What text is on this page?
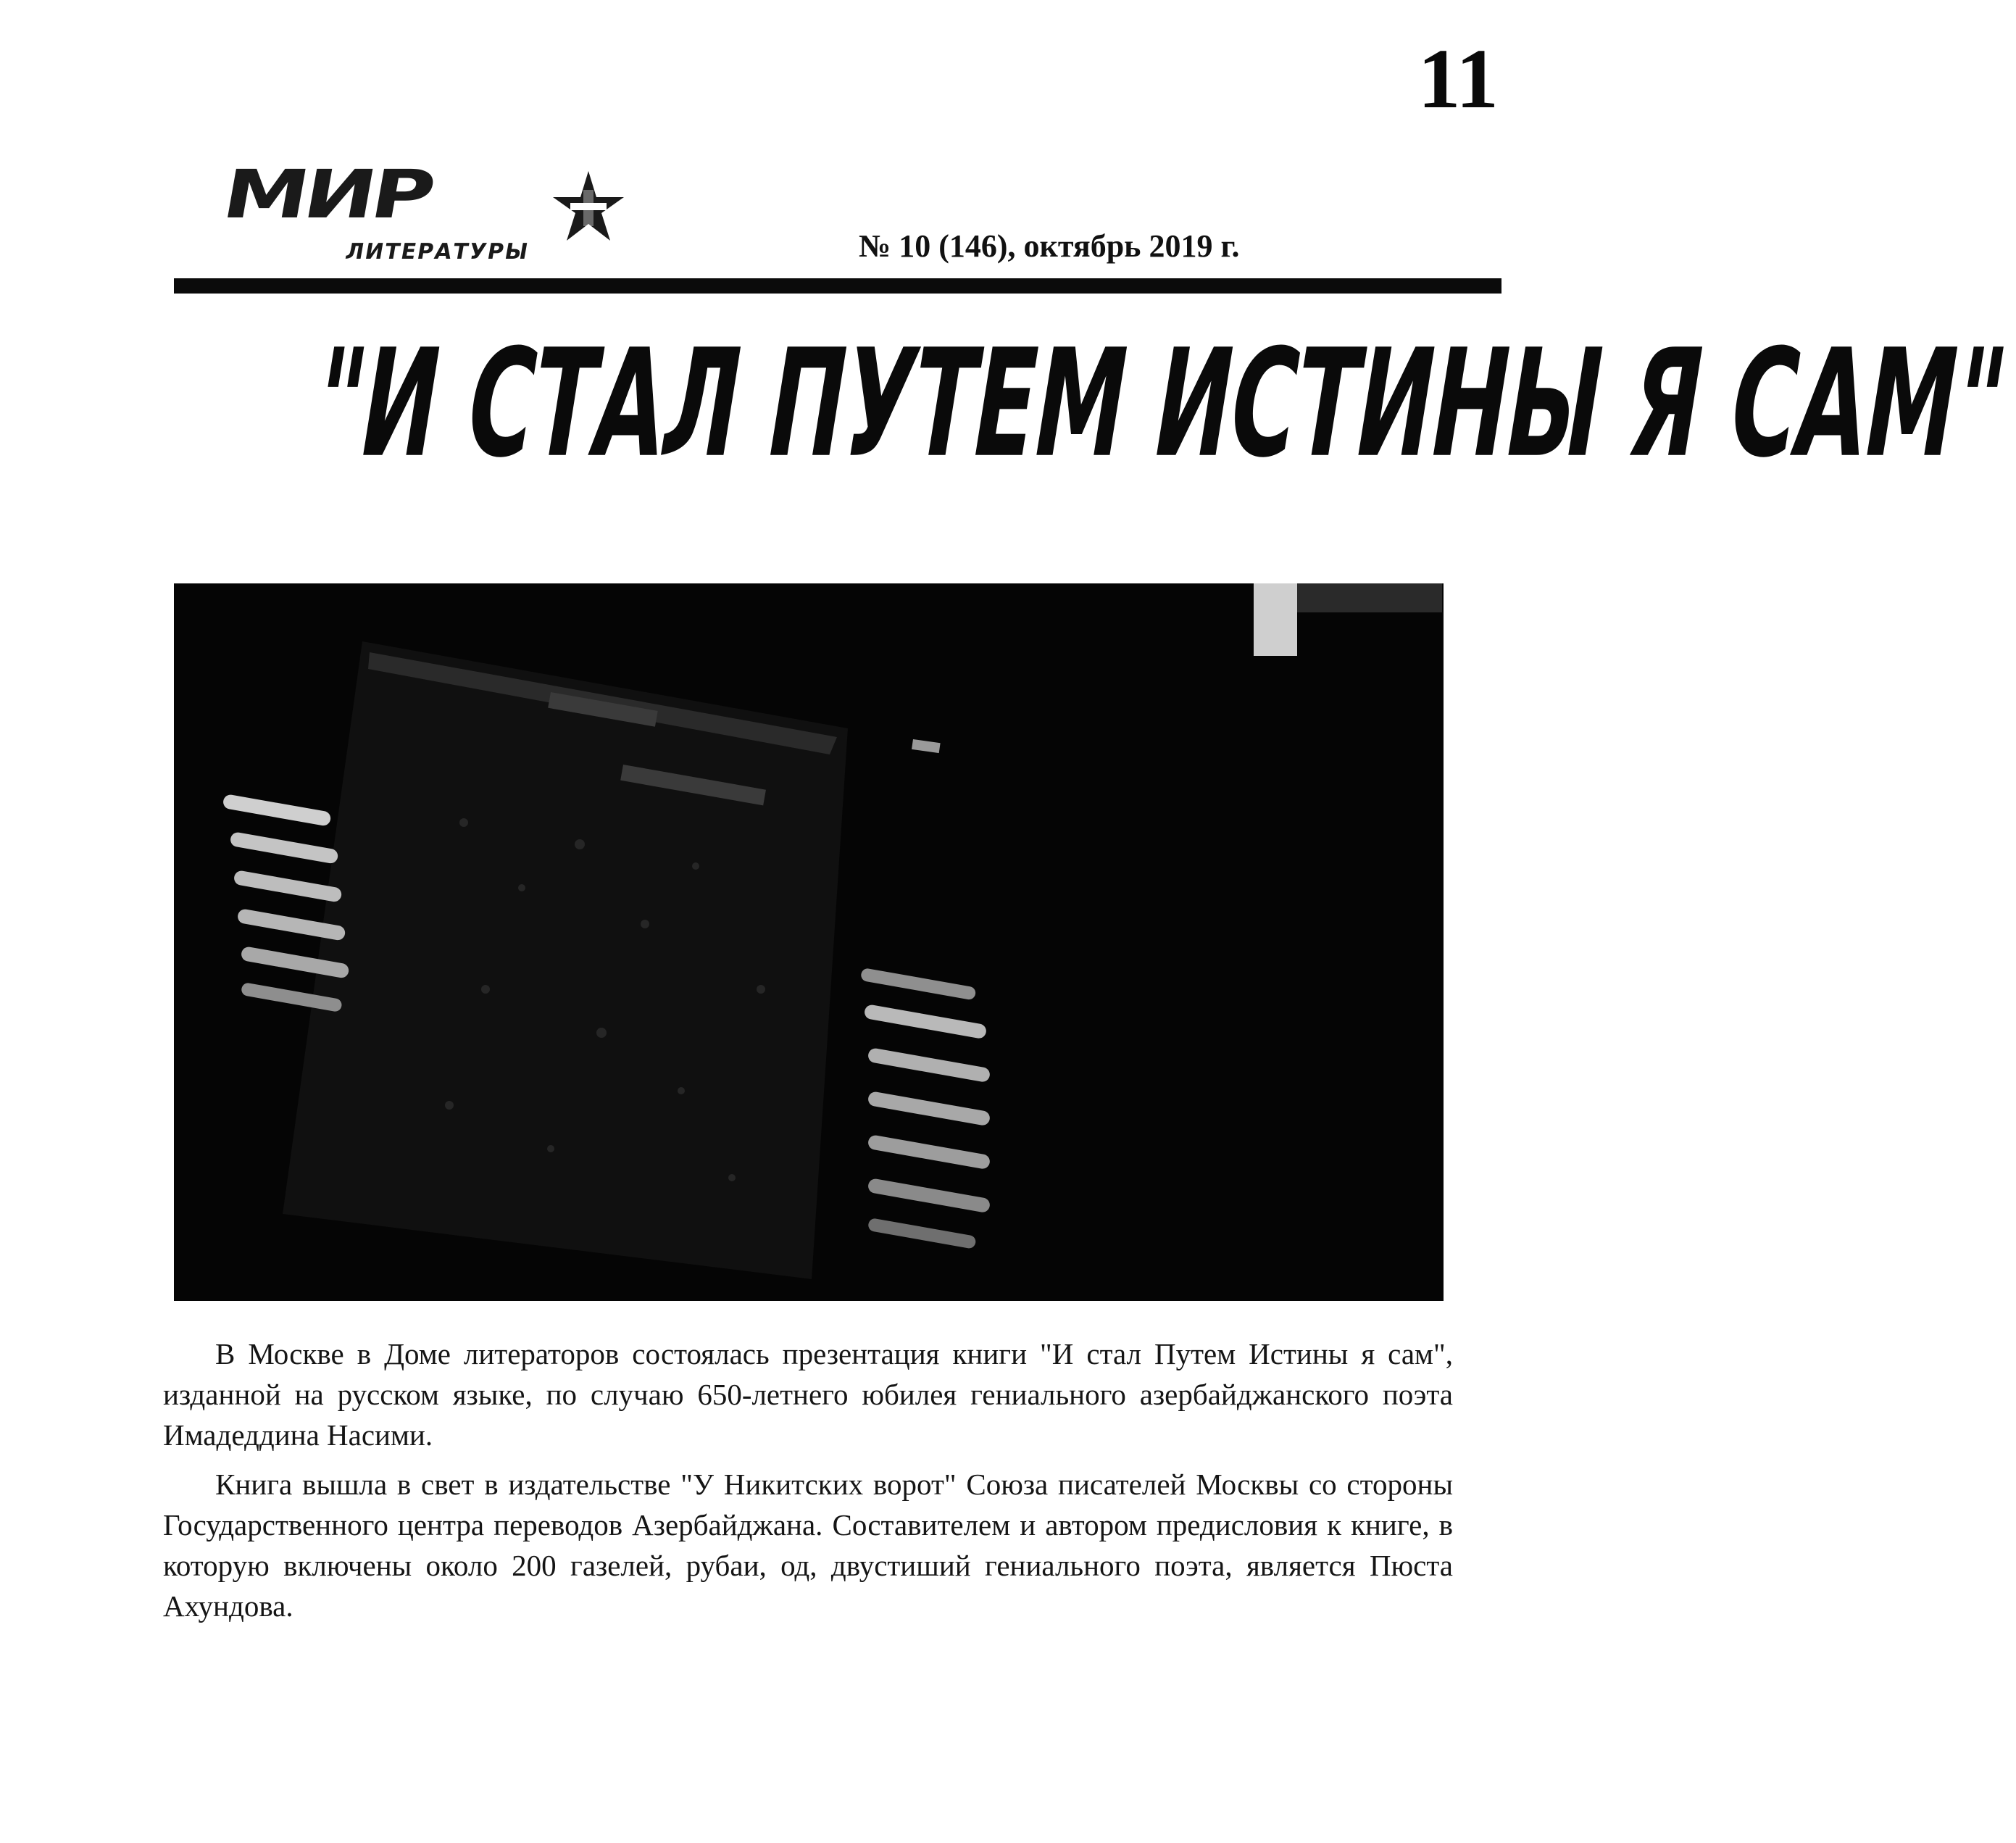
11
МИР
ЛИТЕРАТУРЫ	№ 10 (146), октябрь 2019 г.
"И СТАЛ ПУТЕМ ИСТИНЫ Я САМ"

В Москве в Доме литераторов состоялась презентация книги "И стал Путем Истины я сам", изданной на русском языке, по случаю 650-летнего юбилея гениального азербайджанского поэта Имадеддина Насими.

Книга вышла в свет в издательстве "У Никитских ворот" Союза писателей Москвы со стороны Государственного центра переводов Азербайджана. Составителем и автором предисловия к книге, в которую включены около 200 газелей, рубаи, од, двустиший гениального поэта, является Пюста Ахундова.
